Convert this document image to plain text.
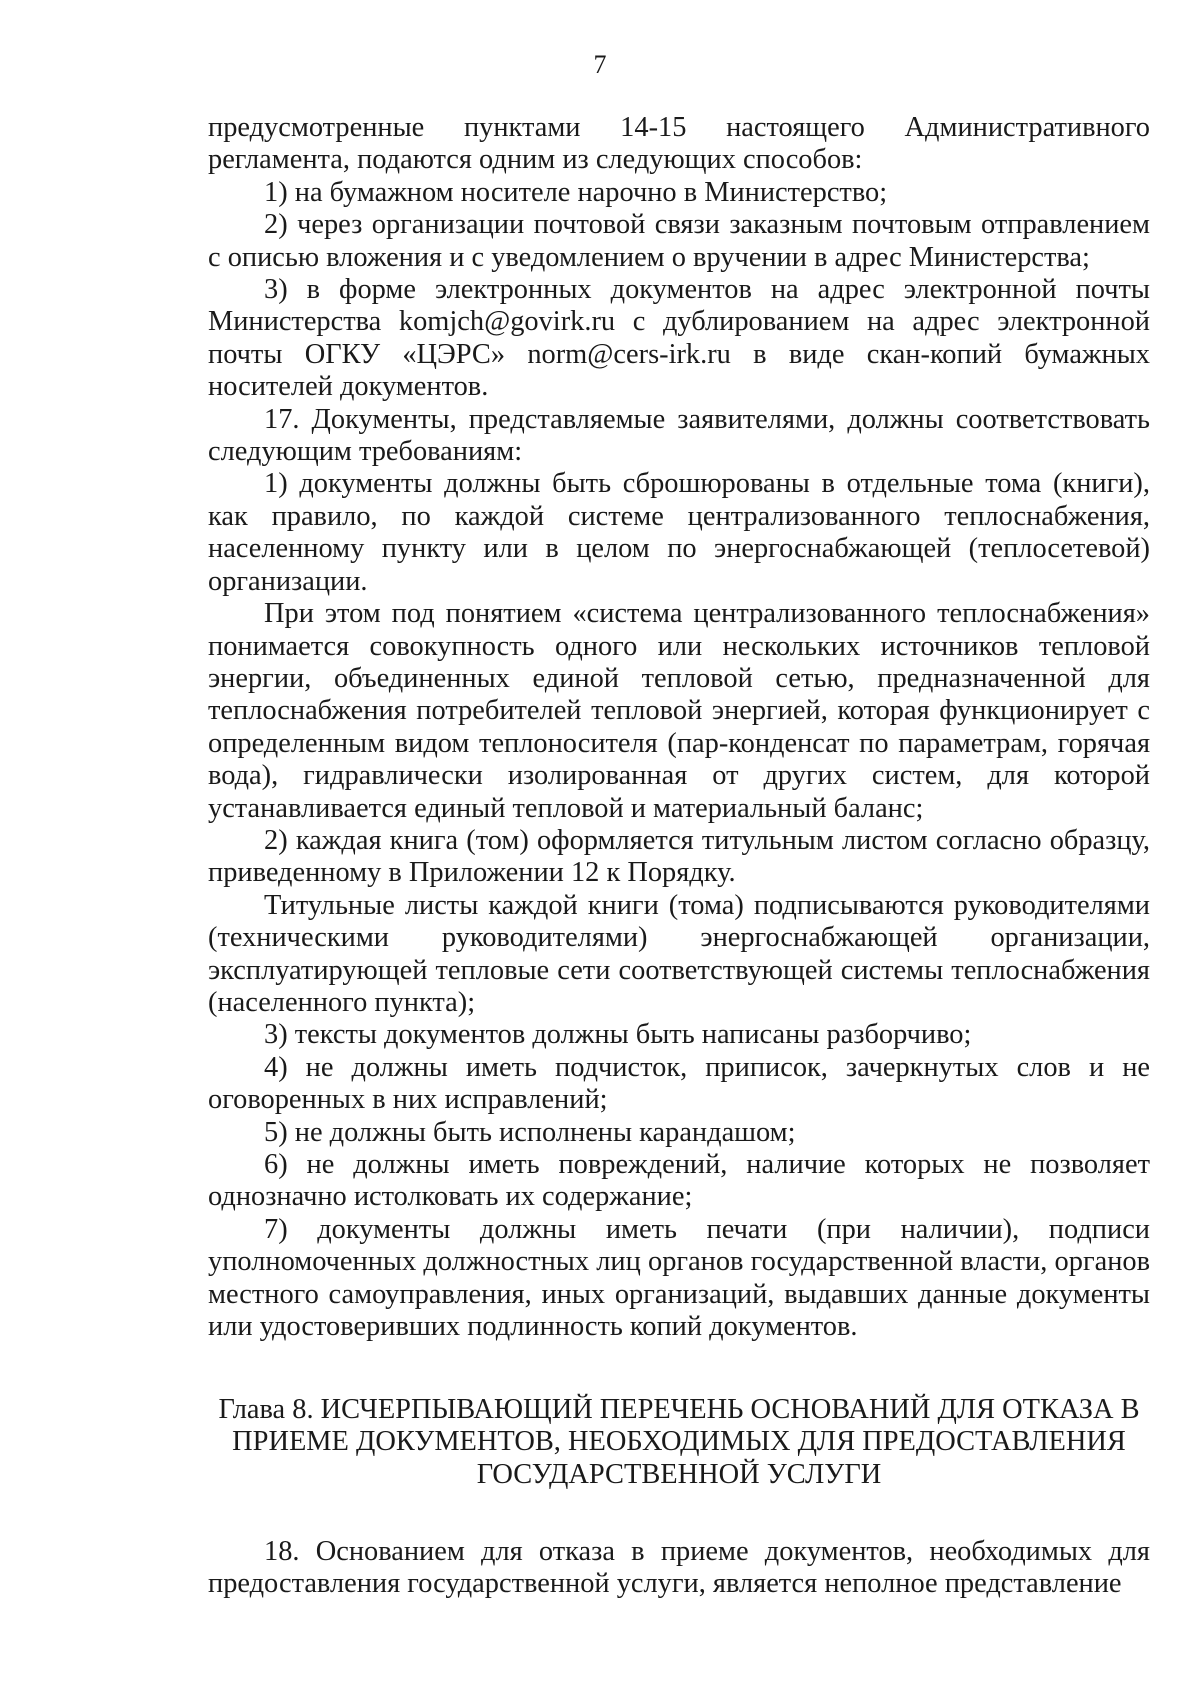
7

предусмотренные пунктами 14-15 настоящего Административного регламента, подаются одним из следующих способов:

1) на бумажном носителе нарочно в Министерство;

2) через организации почтовой связи заказным почтовым отправлением с описью вложения и с уведомлением о вручении в адрес Министерства;

3) в форме электронных документов на адрес электронной почты Министерства komjch@govirk.ru с дублированием на адрес электронной почты ОГКУ «ЦЭРС» norm@cers-irk.ru в виде скан-копий бумажных носителей документов.

17. Документы, представляемые заявителями, должны соответствовать следующим требованиям:

1) документы должны быть сброшюрованы в отдельные тома (книги), как правило, по каждой системе централизованного теплоснабжения, населенному пункту или в целом по энергоснабжающей (теплосетевой) организации.

При этом под понятием «система централизованного теплоснабжения» понимается совокупность одного или нескольких источников тепловой энергии, объединенных единой тепловой сетью, предназначенной для теплоснабжения потребителей тепловой энергией, которая функционирует с определенным видом теплоносителя (пар-конденсат по параметрам, горячая вода), гидравлически изолированная от других систем, для которой устанавливается единый тепловой и материальный баланс;

2) каждая книга (том) оформляется титульным листом согласно образцу, приведенному в Приложении 12 к Порядку.

Титульные листы каждой книги (тома) подписываются руководителями (техническими руководителями) энергоснабжающей организации, эксплуатирующей тепловые сети соответствующей системы теплоснабжения (населенного пункта);

3) тексты документов должны быть написаны разборчиво;

4) не должны иметь подчисток, приписок, зачеркнутых слов и не оговоренных в них исправлений;

5) не должны быть исполнены карандашом;

6) не должны иметь повреждений, наличие которых не позволяет однозначно истолковать их содержание;

7) документы должны иметь печати (при наличии), подписи уполномоченных должностных лиц органов государственной власти, органов местного самоуправления, иных организаций, выдавших данные документы или удостоверивших подлинность копий документов.

Глава 8. ИСЧЕРПЫВАЮЩИЙ ПЕРЕЧЕНЬ ОСНОВАНИЙ ДЛЯ ОТКАЗА В ПРИЕМЕ ДОКУМЕНТОВ, НЕОБХОДИМЫХ ДЛЯ ПРЕДОСТАВЛЕНИЯ ГОСУДАРСТВЕННОЙ УСЛУГИ

18. Основанием для отказа в приеме документов, необходимых для предоставления государственной услуги, является неполное представление
